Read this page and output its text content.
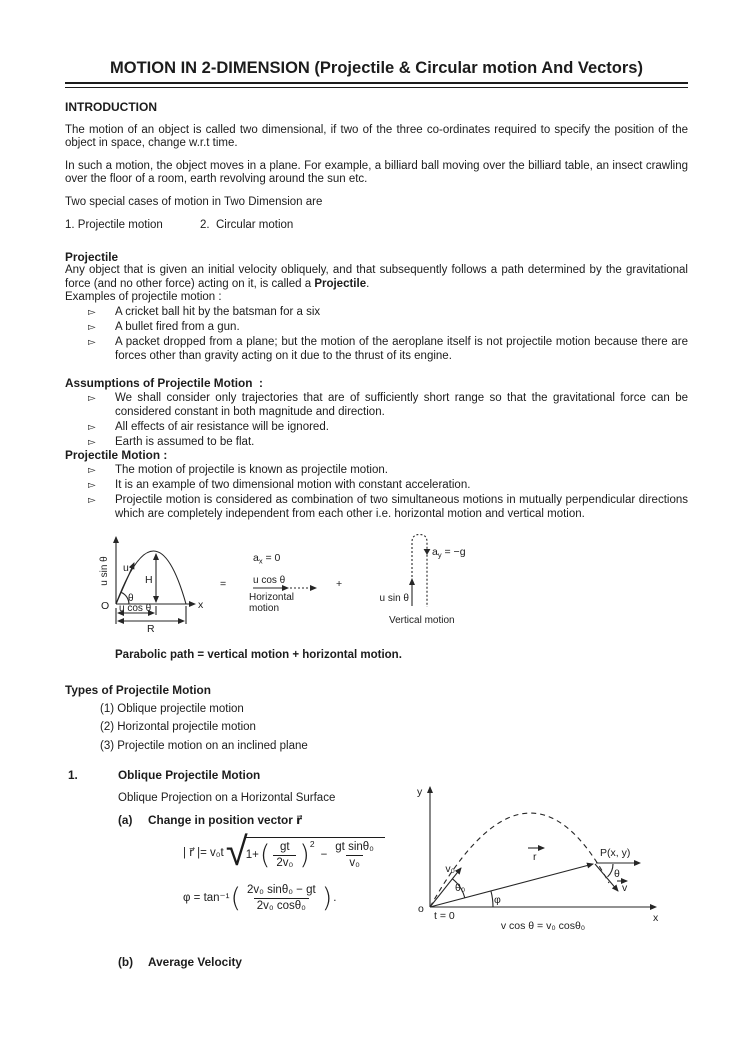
MOTION IN 2-DIMENSION (Projectile & Circular motion And Vectors)
INTRODUCTION

The motion of an object is called two dimensional, if two of the three co-ordinates required to specify the position of the object in space, change w.r.t time.

In such a motion, the object moves in a plane. For example, a billiard ball moving over the billiard table, an insect crawling over the floor of a room, earth revolving around the sun etc.

Two special cases of motion in Two Dimension are

1. Projectile motion	2.  Circular motion
Projectile
Any object that is given an initial velocity obliquely, and that subsequently follows a path determined by the gravitational force (and no other force) acting on it, is called a Projectile.
Examples of projectile motion :
▻	A cricket ball hit by the batsman for a six
▻	A bullet fired from a gun.
▻	A packet dropped from a plane; but the motion of the aeroplane itself is not projectile motion because there are forces other than gravity acting on it due to the thrust of its engine.
Assumptions of Projectile Motion  :
▻	We shall consider only trajectories that are of sufficiently short range so that the gravitational force can be considered constant in both magnitude and direction.
▻	All effects of air resistance will be ignored.
▻	Earth is assumed to be flat.
Projectile Motion :
▻	The motion of projectile is known as projectile motion.
▻	It is an example of two dimensional motion with constant acceleration.
▻	Projectile motion is considered as combination of two simultaneous motions in mutually perpendicular directions which are completely independent from each other i.e. horizontal motion and vertical motion.
u sin θ
O	x
u
θ
H
u cos θ
R
=
$a_x = 0$
u cos θ
Horizontal
motion
+
$a_y = -g$
u sin θ
Vertical motion
Parabolic path = vertical motion + horizontal motion.
Types of Projectile Motion
(1) Oblique projectile motion
(2) Horizontal projectile motion
(3) Projectile motion on an inclined plane
1.	Oblique Projectile Motion
Oblique Projection on a Horizontal Surface
(a)	Change in position vector r⃗
| r⃗ |= v₀t √
1+ ( $\frac{gt}{\text{2v₀}}$ ) 2
− $\frac{\text{gt sinθ₀}}{\text{v₀}}$
φ = tan⁻¹ ( $\frac{\text{2v₀ sinθ₀ − gt}}{\text{2v₀ cosθ₀}}$ ) .
(b)	Average Velocity
y
x
o
t = 0
v₀
θ₀
φ
r	P(x, y)
θ
v
v cos θ = v₀ cosθ₀
